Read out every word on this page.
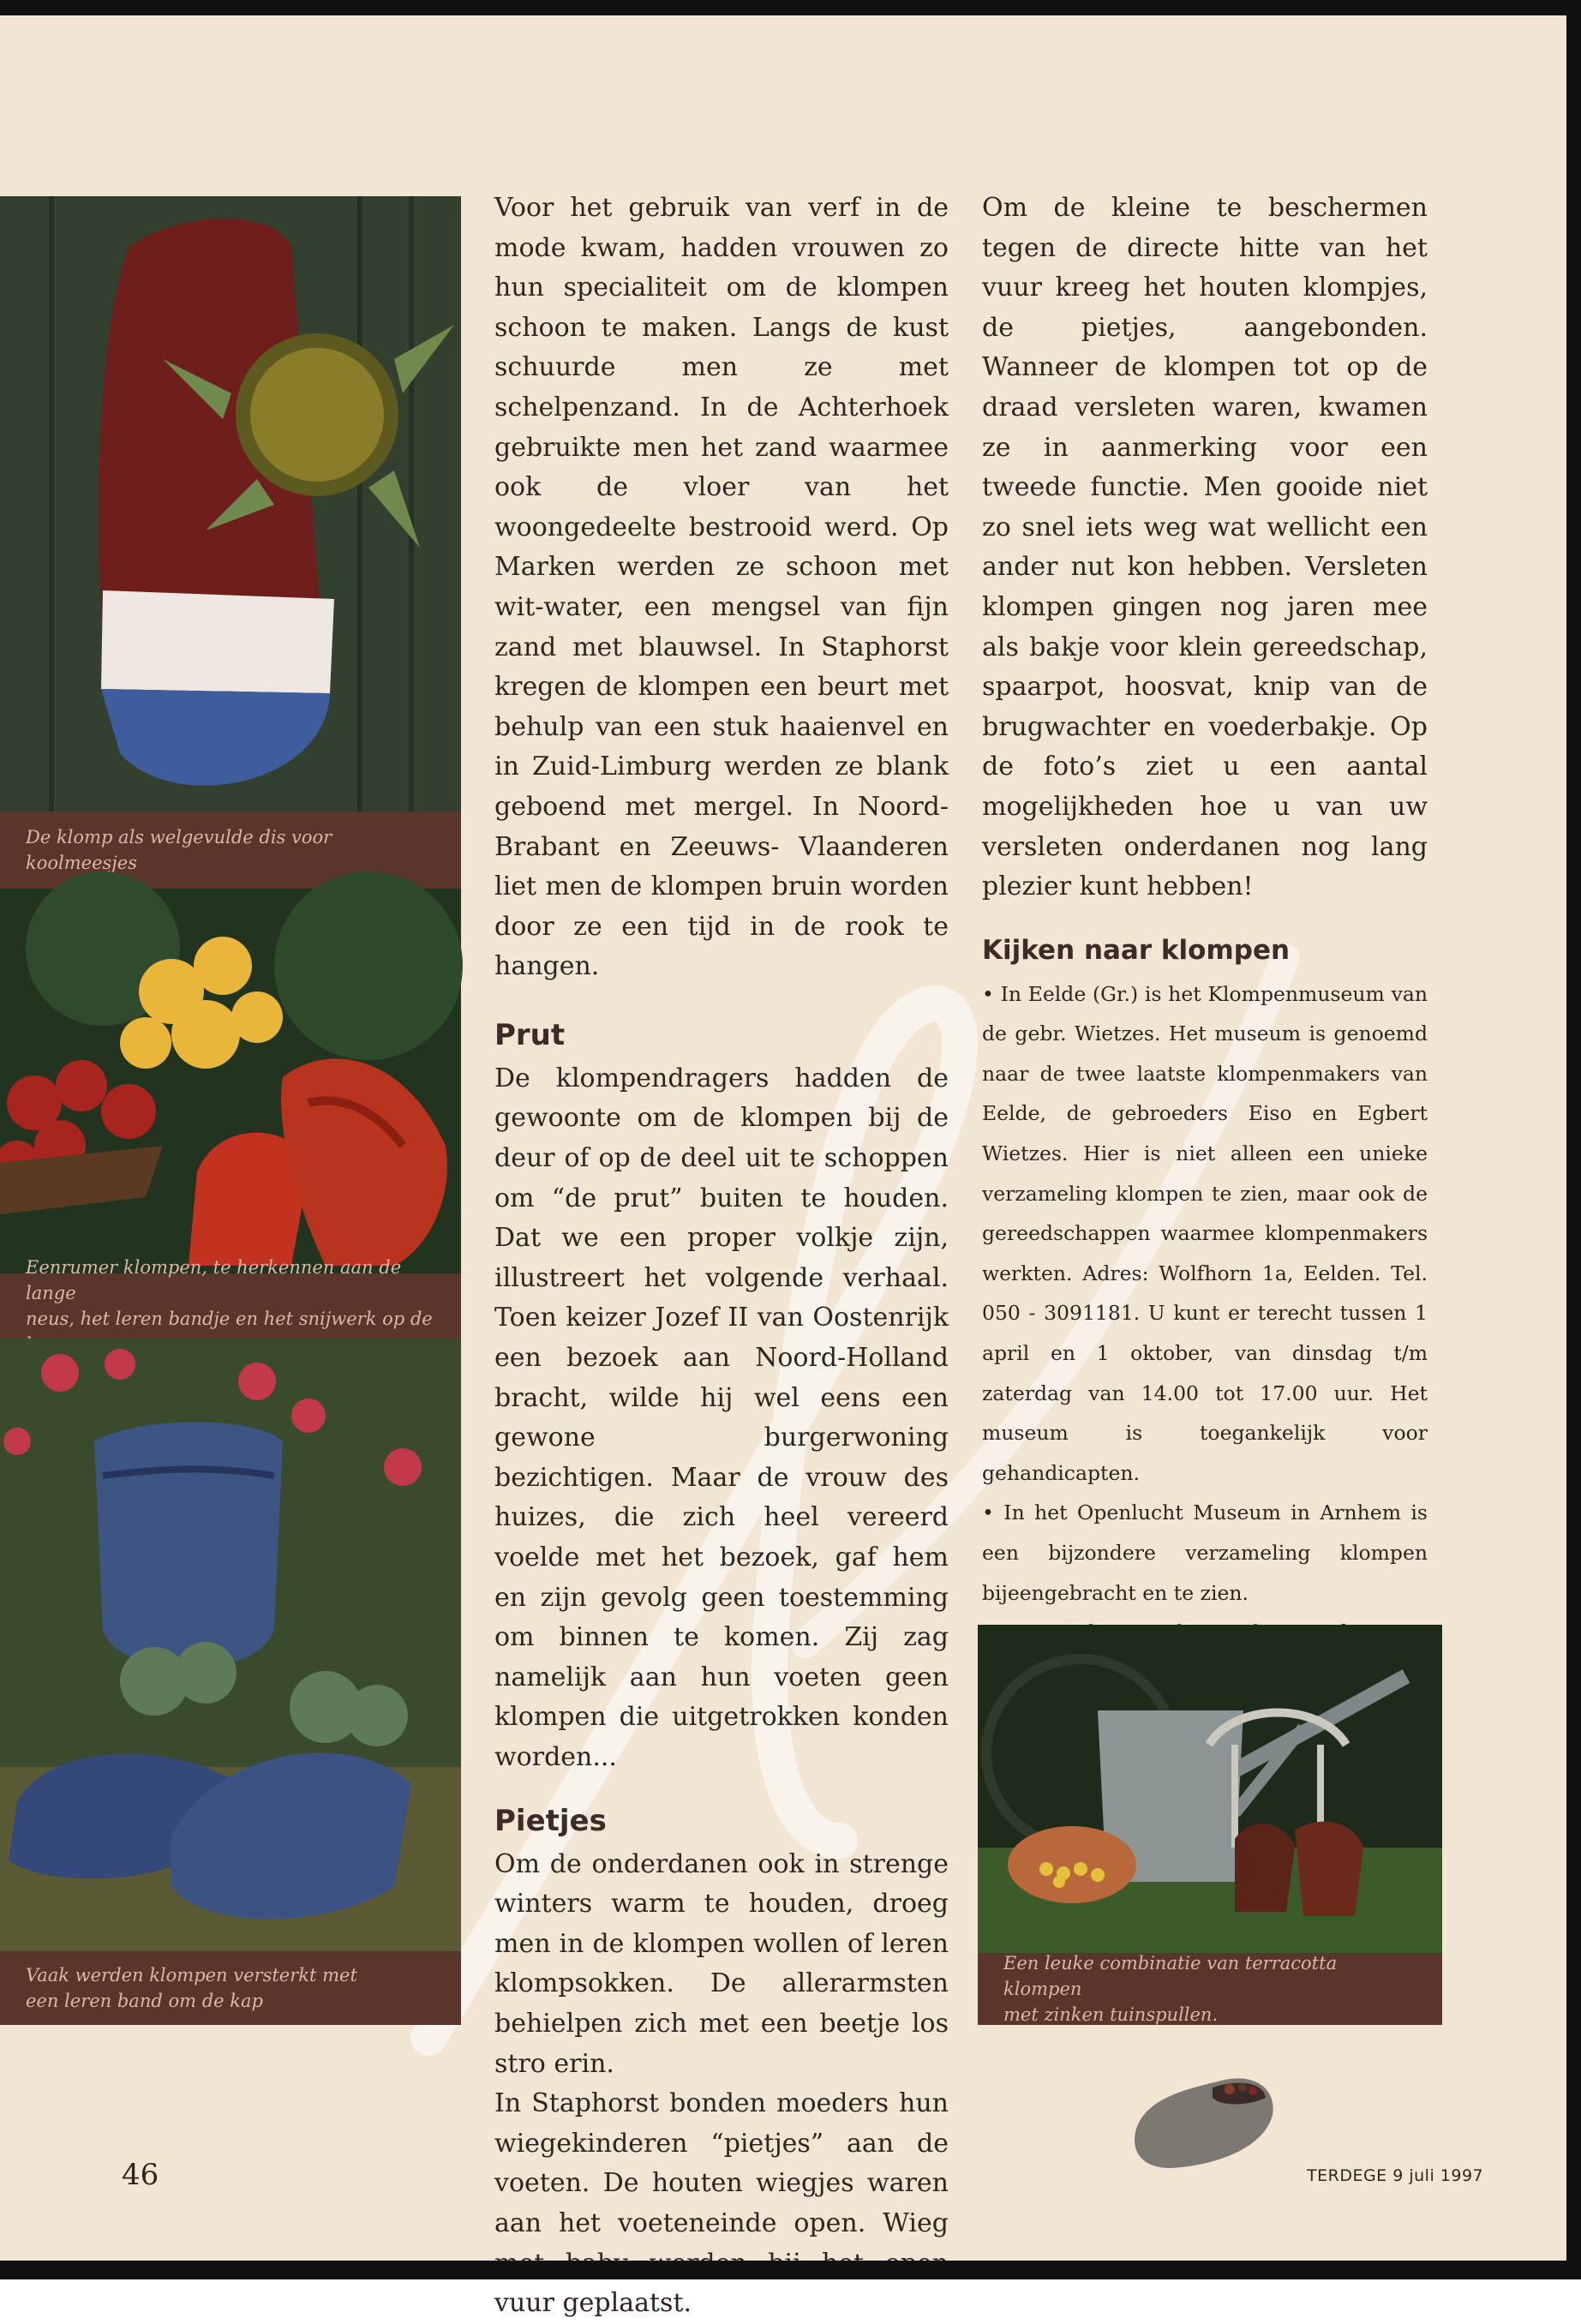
De klomp als welgevulde dis voor koolmeesjes
Eenrumer klompen, te herkennen aan de lange
neus, het leren bandje en het snijwerk op de
Vaak werden klompen versterkt met
een leren band om de kap

Voor het gebruik van verf in de mode kwam, hadden vrouwen zo hun specialiteit om de klompen schoon te maken. Langs de kust schuurde men ze met schelpenzand. In de Achterhoek gebruikte men het zand waarmee ook de vloer van het woongedeelte bestrooid werd. Op Marken werden ze schoon met wit-water, een mengsel van fijn zand met blauwsel. In Staphorst kregen de klompen een beurt met behulp van een stuk haaienvel en in Zuid-Limburg werden ze blank geboend met mergel. In Noord-Brabant en Zeeuws- Vlaanderen liet men de klompen bruin worden door ze een tijd in de rook te hangen.

Prut

De klompendragers hadden de gewoonte om de klompen bij de deur of op de deel uit te schoppen om “de prut” buiten te houden. Dat we een proper volkje zijn, illustreert het volgende verhaal. Toen keizer Jozef II van Oostenrijk een bezoek aan Noord-Holland bracht, wilde hij wel eens een gewone burgerwoning bezichtigen. Maar de vrouw des huizes, die zich heel vereerd voelde met het bezoek, gaf hem en zijn gevolg geen toestemming om binnen te komen. Zij zag namelijk aan hun voeten geen klompen die uitgetrokken konden worden...

Pietjes

Om de onderdanen ook in strenge winters warm te houden, droeg men in de klompen wollen of leren klompsokken. De allerarmsten behielpen zich met een beetje los stro erin.

In Staphorst bonden moeders hun wiegekinderen “pietjes” aan de voeten. De houten wiegjes waren aan het voeteneinde open. Wieg vuur geplaatst.

Om de kleine te beschermen tegen de directe hitte van het vuur kreeg het houten klompjes, de pietjes, aangebonden. Wanneer de klompen tot op de draad versleten waren, kwamen ze in aanmerking voor een tweede functie. Men gooide niet zo snel iets weg wat wellicht een ander nut kon hebben. Versleten klompen gingen nog jaren mee als bakje voor klein gereedschap, spaarpot, hoosvat, knip van de brugwachter en voederbakje. Op de foto’s ziet u een aantal mogelijkheden hoe u van uw versleten onderdanen nog lang plezier kunt hebben!

Kijken naar klompen

• In Eelde (Gr.) is het Klompenmuseum van de gebr. Wietzes. Het museum is genoemd naar de twee laatste klompenmakers van Eelde, de gebroeders Eiso en Egbert Wietzes. Hier is niet alleen een unieke verzameling klompen te zien, maar ook de gereedschappen waarmee klompenmakers werkten. Adres: Wolfhorn 1a, Eelden. Tel. 050 - 3091181. U kunt er terecht tussen 1 april en 1 oktober, van dinsdag t/m zaterdag van 14.00 tot 17.00 uur. Het museum is toegankelijk voor gehandicapten.

• In het Openlucht Museum in Arnhem is een bijzondere verzameling klompen bijeengebracht en te zien.

Een leuke combinatie van terracotta klompen
met zinken tuinspullen.
46	TERDEGE 9 juli 1997
